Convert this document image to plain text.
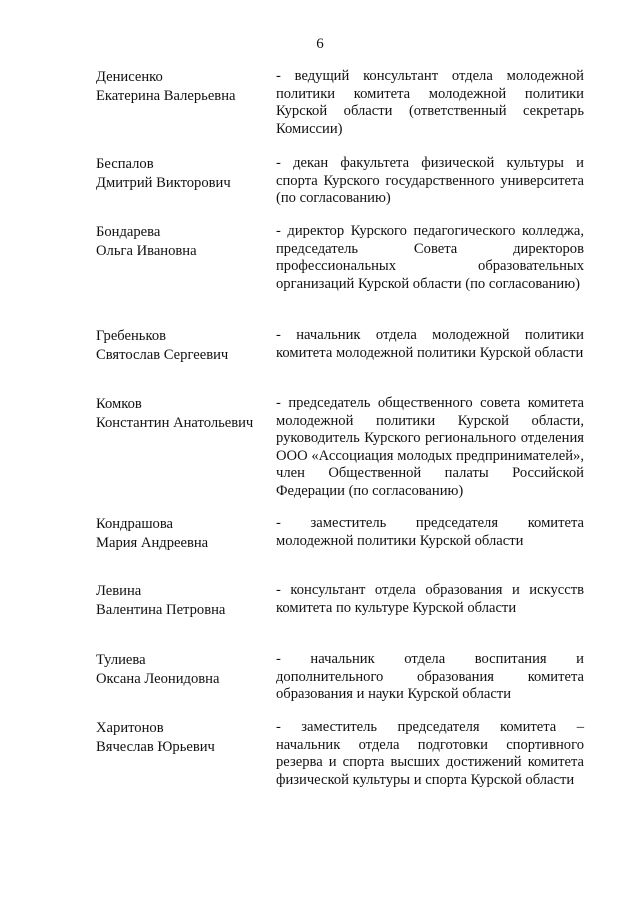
6
Денисенко
Екатерина Валерьевна
- ведущий консультант отдела молодежной политики комитета молодежной политики Курской области (ответственный секретарь Комиссии)
Беспалов
Дмитрий Викторович
- декан факультета физической культуры и спорта Курского государственного университета (по согласованию)
Бондарева
Ольга Ивановна
- директор Курского педагогического колледжа, председатель Совета директоров профессиональных образовательных организаций Курской области (по согласованию)
Гребеньков
Святослав Сергеевич
- начальник отдела молодежной политики комитета молодежной политики Курской области
Комков
Константин Анатольевич
- председатель общественного совета комитета молодежной политики Курской области, руководитель Курского регионального отделения ООО «Ассоциация молодых предпринимателей», член Общественной палаты Российской Федерации (по согласованию)
Кондрашова
Мария Андреевна
- заместитель председателя комитета молодежной политики Курской области
Левина
Валентина Петровна
- консультант отдела образования и искусств комитета по культуре Курской области
Тулиева
Оксана Леонидовна
- начальник отдела воспитания и дополнительного образования комитета образования и науки Курской области
Харитонов
Вячеслав Юрьевич
- заместитель председателя комитета – начальник отдела подготовки спортивного резерва и спорта высших достижений комитета физической культуры и спорта Курской области
